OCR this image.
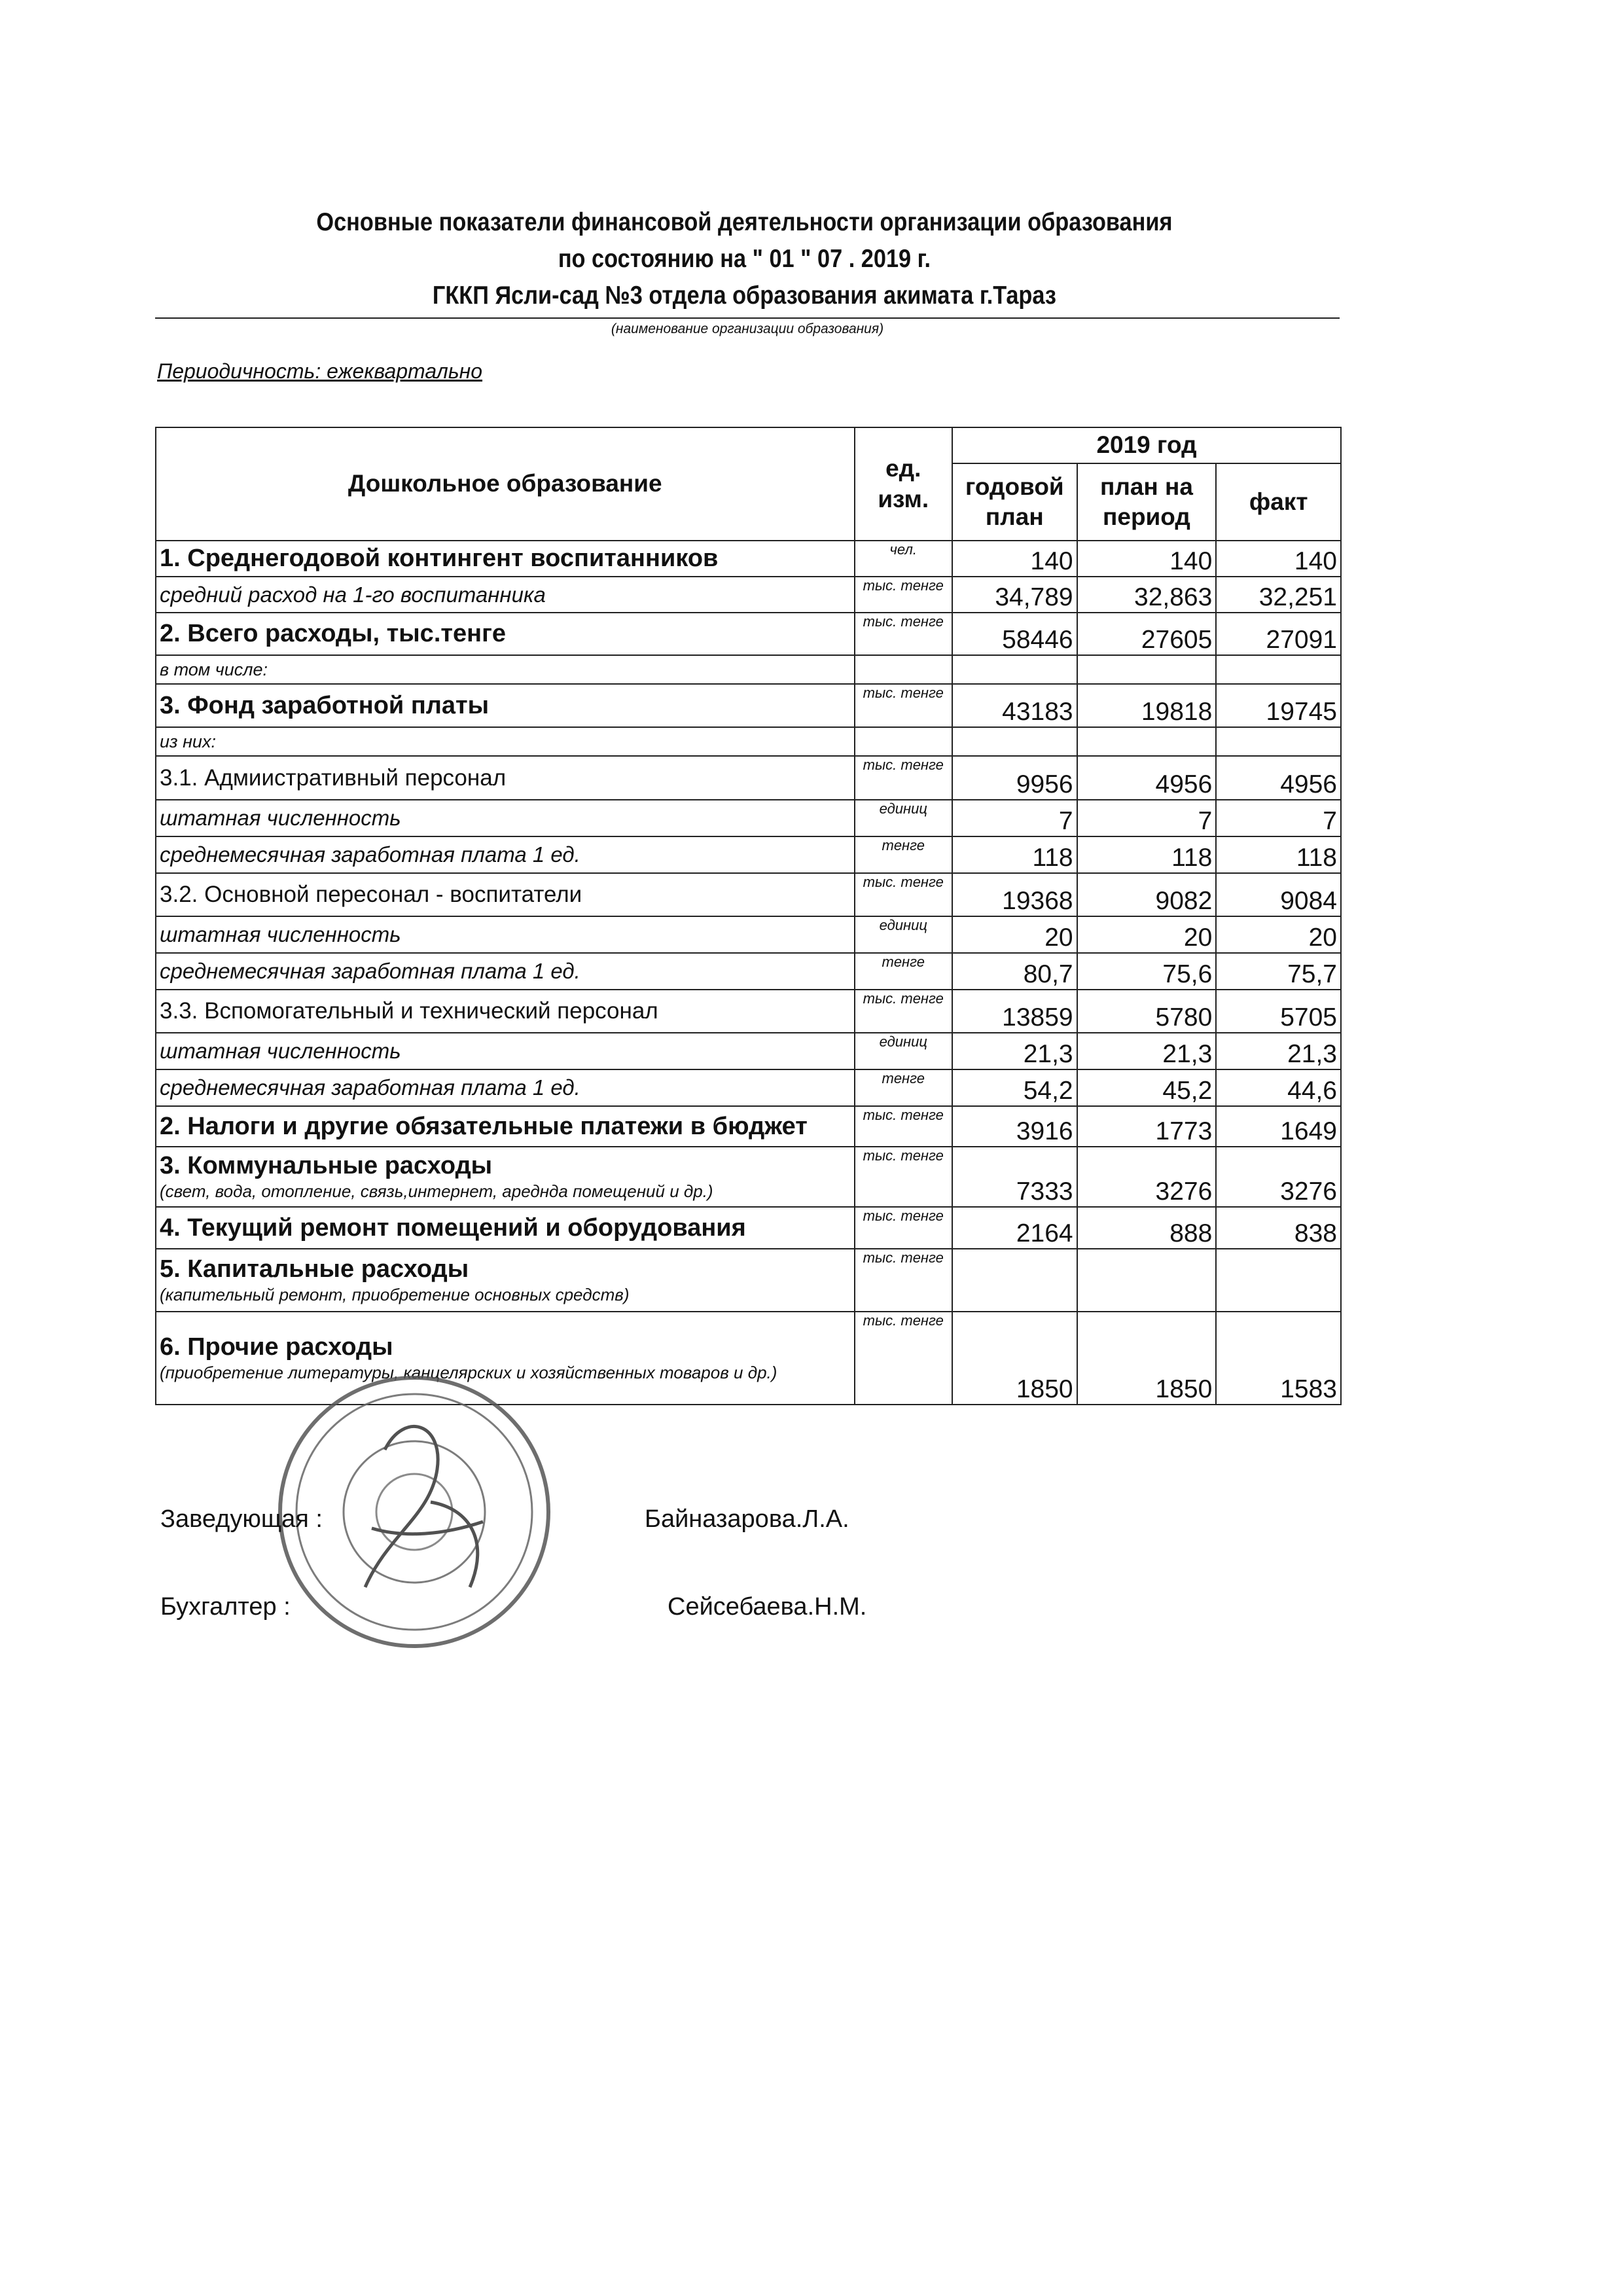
Основные показатели финансовой деятельности организации образования
по состоянию на " 01 " 07 . 2019 г.
ГККП Ясли-сад №3 отдела образования акимата г.Тараз
(наименование организации образования)
Периодичность: ежеквартально
Дошкольное образование	ед. изм.	2019 год		
		годовой план	план на период	факт
1. Среднегодовой контингент воспитанников	чел.	140	140	140
средний расход на 1-го воспитанника	тыс. тенге	34,789	32,863	32,251
2. Всего расходы, тыс.тенге	тыс. тенге	58446	27605	27091
в том числе:				
3. Фонд заработной платы	тыс. тенге	43183	19818	19745
из них:				
3.1. Адмиистративный персонал	тыс. тенге	9956	4956	4956
штатная численность	единиц	7	7	7
среднемесячная заработная плата 1 ед.	тенге	118	118	118
3.2. Основной пересонал - воспитатели	тыс. тенге	19368	9082	9084
штатная численность	единиц	20	20	20
среднемесячная заработная плата 1 ед.	тенге	80,7	75,6	75,7
3.3. Вспомогательный и технический персонал	тыс. тенге	13859	5780	5705
штатная численность	единиц	21,3	21,3	21,3
среднемесячная заработная плата 1 ед.	тенге	54,2	45,2	44,6
2. Налоги и другие обязательные платежи в бюджет	тыс. тенге	3916	1773	1649
3. Коммунальные расходы
(свет, вода, отопление, связь,интернет, ареднда помещений и др.)	тыс. тенге	7333	3276	3276
4. Текущий ремонт помещений и оборудования	тыс. тенге	2164	888	838
5. Капитальные расходы
(капительный ремонт, приобретение основных средств)	тыс. тенге			
6. Прочие расходы
(приобретение литературы, канцелярских и хозяйственных товаров и др.)	тыс. тенге	1850	1850	1583
Заведующая :	Байназарова.Л.А.
Бухгалтер :	Сейсебаева.Н.М.
